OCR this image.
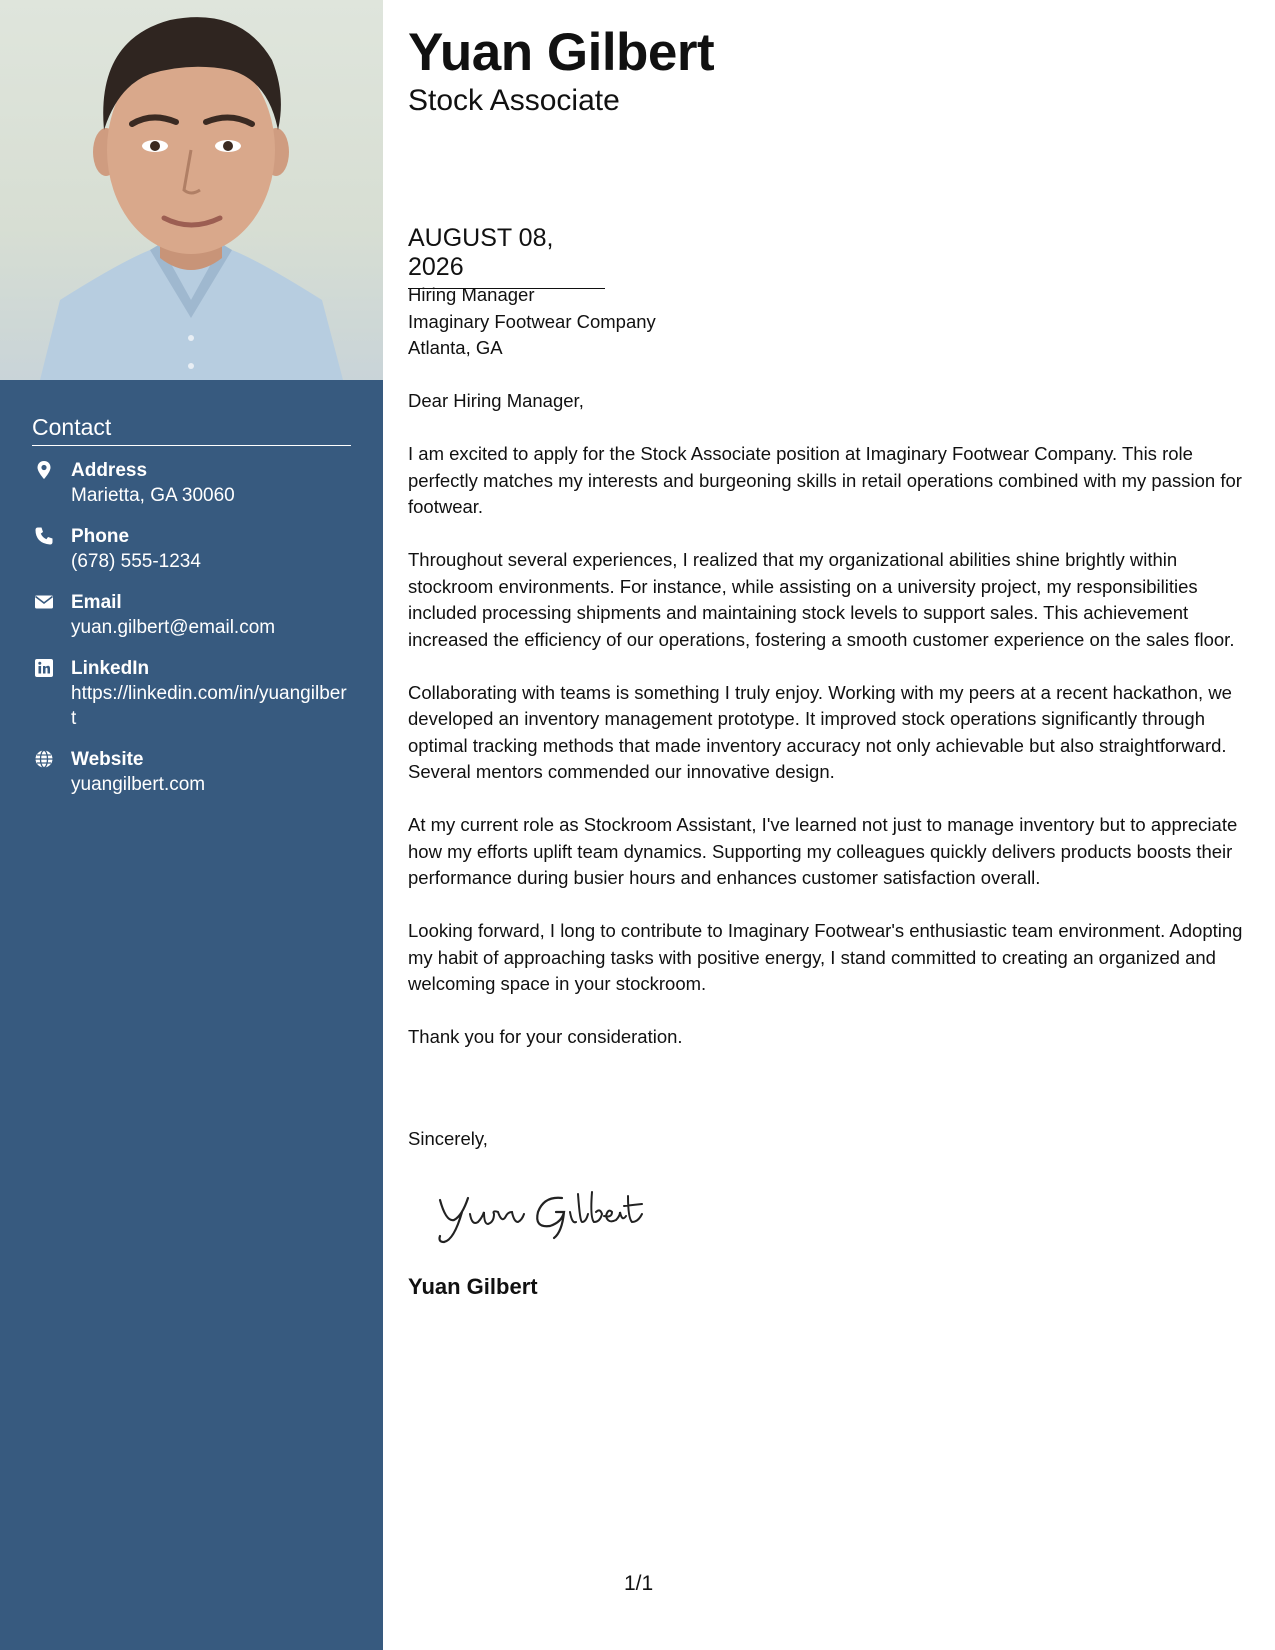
Contact
Address
Marietta, GA 30060
Phone
(678) 555-1234
Email
yuan.gilbert@email.com
LinkedIn
https://linkedin.com/in/yuangilbert
Website
yuangilbert.com
Yuan Gilbert
Stock Associate
AUGUST 08, 2026
Hiring Manager
Imaginary Footwear Company
Atlanta, GA

Dear Hiring Manager,

I am excited to apply for the Stock Associate position at Imaginary Footwear Company. This role perfectly matches my interests and burgeoning skills in retail operations combined with my passion for footwear.

Throughout several experiences, I realized that my organizational abilities shine brightly within stockroom environments. For instance, while assisting on a university project, my responsibilities included processing shipments and maintaining stock levels to support sales. This achievement increased the efficiency of our operations, fostering a smooth customer experience on the sales floor.

Collaborating with teams is something I truly enjoy. Working with my peers at a recent hackathon, we developed an inventory management prototype. It improved stock operations significantly through optimal tracking methods that made inventory accuracy not only achievable but also straightforward. Several mentors commended our innovative design.

At my current role as Stockroom Assistant, I've learned not just to manage inventory but to appreciate how my efforts uplift team dynamics. Supporting my colleagues quickly delivers products boosts their performance during busier hours and enhances customer satisfaction overall.

Looking forward, I long to contribute to Imaginary Footwear's enthusiastic team environment. Adopting my habit of approaching tasks with positive energy, I stand committed to creating an organized and welcoming space in your stockroom.

Thank you for your consideration.

Sincerely,
Yuan Gilbert
1/1
